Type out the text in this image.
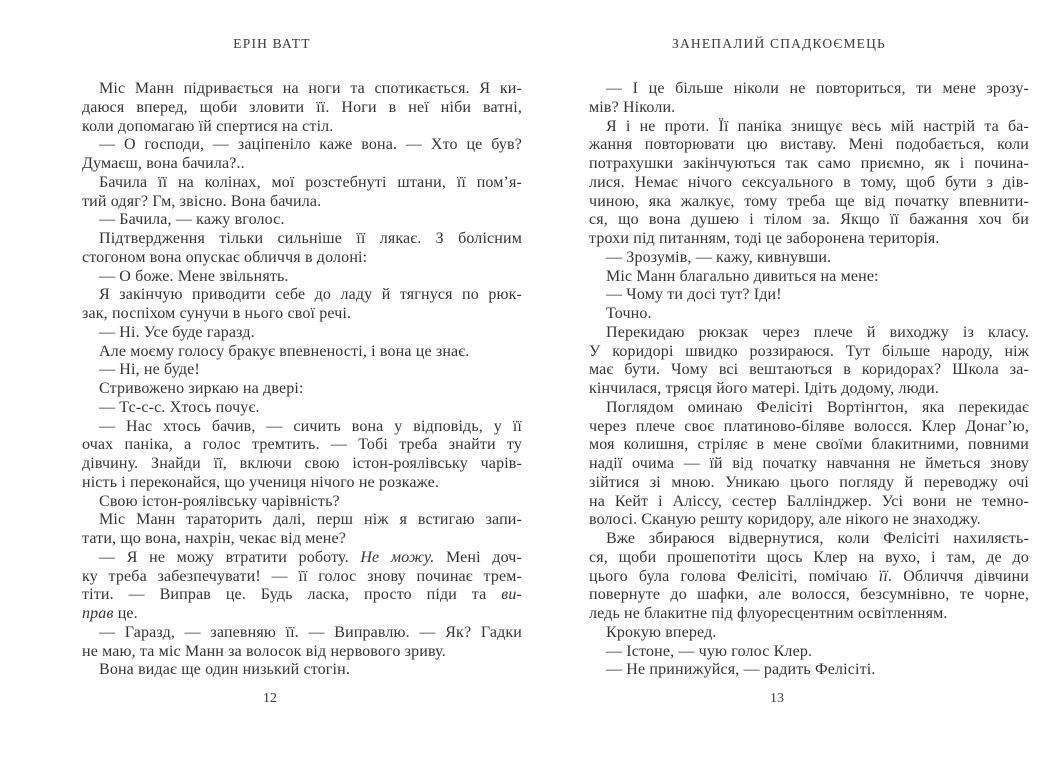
ЕРІН ВАТТ
Міс Манн підривається на ноги та спотикається. Я ки-
даюся вперед, щоби зловити її. Ноги в неї ніби ватні,
коли допомагаю їй спертися на стіл.
— О господи, — заціпеніло каже вона. — Хто це був?
Думаєш, вона бачила?..
Бачила її на колінах, мої розстебнуті штани, її пом’я-
тий одяг? Гм, звісно. Вона бачила.
— Бачила, — кажу вголос.
Підтвердження тільки сильніше її лякає. З болісним
стогоном вона опускає обличчя в долоні:
— О боже. Мене звільнять.
Я закінчую приводити себе до ладу й тягнуся по рюк-
зак, поспіхом сунучи в нього свої речі.
— Ні. Усе буде гаразд.
Але моєму голосу бракує впевненості, і вона це знає.
— Ні, не буде!
Стривожено зиркаю на двері:
— Тс-с-с. Хтось почує.
— Нас хтось бачив, — сичить вона у відповідь, у її
очах паніка, а голос тремтить. — Тобі треба знайти ту
дівчину. Знайди її, включи свою істон-роялівську чарів-
ність і переконайся, що учениця нічого не розкаже.
Свою істон-роялівську чарівність?
Міс Манн тараторить далі, перш ніж я встигаю запи-
тати, що вона, нахрін, чекає від мене?
— Я не можу втратити роботу. Не можу. Мені доч-
ку треба забезпечувати! — її голос знову починає трем-
тіти. — Виправ це. Будь ласка, просто піди та ви-
прав це.
— Гаразд, — запевняю її. — Виправлю. — Як? Гадки
не маю, та міс Манн за волосок від нервового зриву.
Вона видає ще один низький стогін.
12
ЗАНЕПАЛИЙ СПАДКОЄМЕЦЬ
— І це більше ніколи не повториться, ти мене зрозу-
мів? Ніколи.
Я і не проти. Її паніка знищує весь мій настрій та ба-
жання повторювати цю виставу. Мені подобається, коли
потрахушки закінчуються так само приємно, як і почина-
лися. Немає нічого сексуального в тому, щоб бути з дів-
чиною, яка жалкує, тому треба ще від початку впевнити-
ся, що вона душею і тілом за. Якщо її бажання хоч би
трохи під питанням, тоді це заборонена територія.
— Зрозумів, — кажу, кивнувши.
Міс Манн благально дивиться на мене:
— Чому ти досі тут? Іди!
Точно.
Перекидаю рюкзак через плече й виходжу із класу.
У коридорі швидко роззираюся. Тут більше народу, ніж
має бути. Чому всі вештаються в коридорах? Школа за-
кінчилася, трясця його матері. Ідіть додому, люди.
Поглядом оминаю Фелісіті Вортінґтон, яка перекидає
через плече своє платиново-біляве волосся. Клер Донаг’ю,
моя колишня, стріляє в мене своїми блакитними, повними
надії очима — їй від початку навчання не йметься знову
зійтися зі мною. Уникаю цього погляду й переводжу очі
на Кейт і Аліссу, сестер Баллінджер. Усі вони не темно-
волосі. Сканую решту коридору, але нікого не знаходжу.
Вже збираюся відвернутися, коли Фелісіті нахиляєть-
ся, щоби прошепотіти щось Клер на вухо, і там, де до
цього була голова Фелісіті, помічаю її. Обличчя дівчини
повернуте до шафки, але волосся, безсумнівно, те чорне,
ледь не блакитне під флуоресцентним освітленням.
Крокую вперед.
— Істоне, — чую голос Клер.
— Не принижуйся, — радить Фелісіті.
13
